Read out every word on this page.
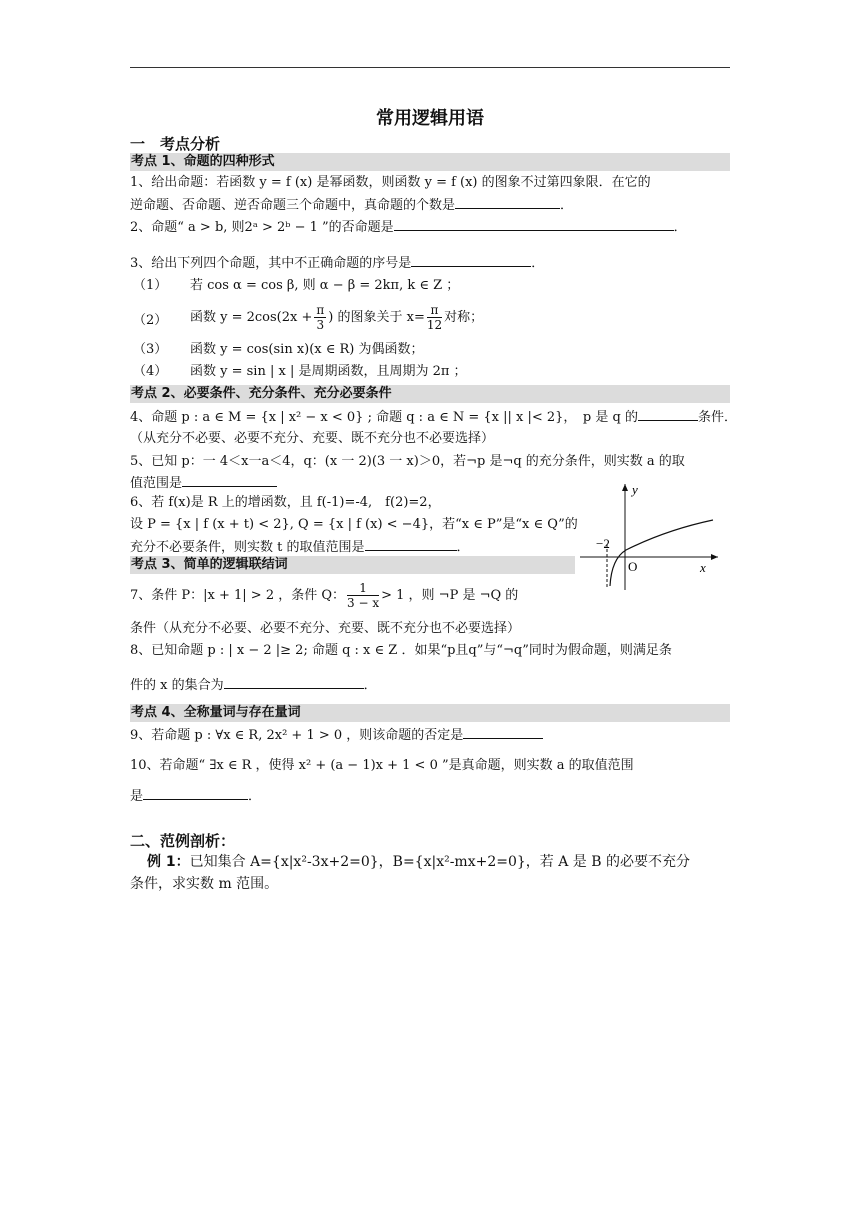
常用逻辑用语
一　考点分析
考点 1、命题的四种形式
1、给出命题：若函数 y = f (x) 是幂函数，则函数 y = f (x) 的图象不过第四象限．在它的
逆命题、否命题、逆否命题三个命题中，真命题的个数是	．
2、命题“ a > b, 则2ᵃ > 2ᵇ − 1 ”的否命题是	．
3、给出下列四个命题，其中不正确命题的序号是	．
（1） 若 cos α = cos β, 则 α − β = 2kπ, k ∈ Z ；
（2） 函数 $y = 2\cos(2x + \frac{\pi}{3}$ ) 的图象关于 $x= \frac{\pi}{12}$ 对称；
（3） 函数 y = cos(sin x)(x ∈ R) 为偶函数；
（4） 函数 y = sin | x | 是周期函数，且周期为 2π ；
考点 2、必要条件、充分条件、充分必要条件
4、命题 p : a ∈ M = {x | x² − x < 0} ; 命题 q : a ∈ N = {x || x |< 2}，　p 是 q 的	条件．
（从充分不必要、必要不充分、充要、既不充分也不必要选择）
5、已知 p：一 4＜x一a＜4，q：(x 一 2)(3 一 x)＞0，若¬p 是¬q 的充分条件，则实数 a 的取
值范围是
6、若 f(x)是 R 上的增函数，且 f(-1)=-4,　f(2)=2，
设 P = {x | f (x + t) < 2}, Q = {x | f (x) < −4}，若“x ∈ P”是“x ∈ Q”的
充分不必要条件，则实数 t 的取值范围是	．
y
x
O
−2
考点 3、简单的逻辑联结词
7、条件 P：|x + 1| > 2 ，条件 Q： $\frac{1}{3 - x} > 1$ ，则 ¬P 是 ¬Q 的
条件（从充分不必要、必要不充分、充要、既不充分也不必要选择）
8、已知命题 p : | x − 2 |≥ 2; 命题 q : x ∈ Z ．如果“p且q”与“¬q”同时为假命题，则满足条
件的 x 的集合为	．
考点 4、全称量词与存在量词
9、若命题 p : ∀x ∈ R, 2x² + 1 > 0 ，则该命题的否定是
10、若命题“ ∃x ∈ R ，使得 x² + (a − 1)x + 1 < 0 ”是真命题，则实数 a 的取值范围
是	．
二、范例剖析：
例 1：已知集合 A={x|x²-3x+2=0}，B={x|x²-mx+2=0}，若 A 是 B 的必要不充分
条件，求实数 m 范围。
